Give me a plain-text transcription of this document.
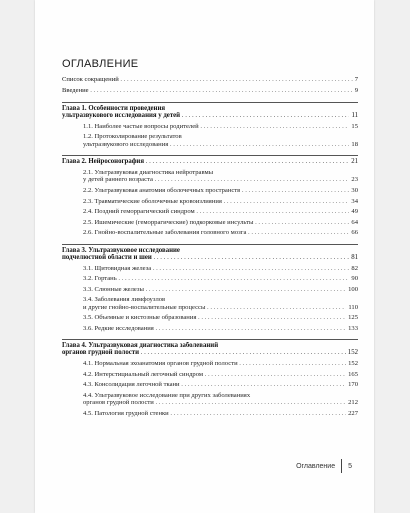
ОГЛАВЛЕНИЕ
Список сокращений . . .	7
Введение . . .	9
Глава 1. Особенности проведения
ультразвукового исследования у детей . . .	11
1.1. Наиболее частые вопросы родителей . . .	15
1.2. Протоколирование результатов
ультразвукового исследования . . .	18
Глава 2. Нейросонография . . .	21
2.1. Ультразвуковая диагностика нейротравмы
у детей раннего возраста . . .	23
2.2. Ультразвуковая анатомия оболочечных пространств . . .	30
2.3. Травматические оболочечные кровоизлияния . . .	34
2.4. Поздний геморрагический синдром . . .	49
2.5. Ишемические (геморрагические) подкорковые инсульты . . .	64
2.6. Гнойно-воспалительные заболевания головного мозга . . .	66
Глава 3. Ультразвуковое исследование
подчелюстной области и шеи . . .	81
3.1. Щитовидная железа . . .	82
3.2. Гортань . . .	90
3.3. Слюнные железы . . .	100
3.4. Заболевания лимфоузлов
и другие гнойно-воспалительные процессы . . .	110
3.5. Объемные и кистозные образования . . .	125
3.6. Редкие исследования . . .	133
Глава 4. Ультразвуковая диагностика заболеваний
органов грудной полости . . .	152
4.1. Нормальная эхоанатомия органов грудной полости . . .	152
4.2. Интерстициальный легочный синдром . . .	165
4.3. Консолидация легочной ткани . . .	170
4.4. Ультразвуковое исследование при других заболеваниях
органов грудной полости . . .	212
4.5. Патология грудной стенки . . .	227
Оглавление 5
